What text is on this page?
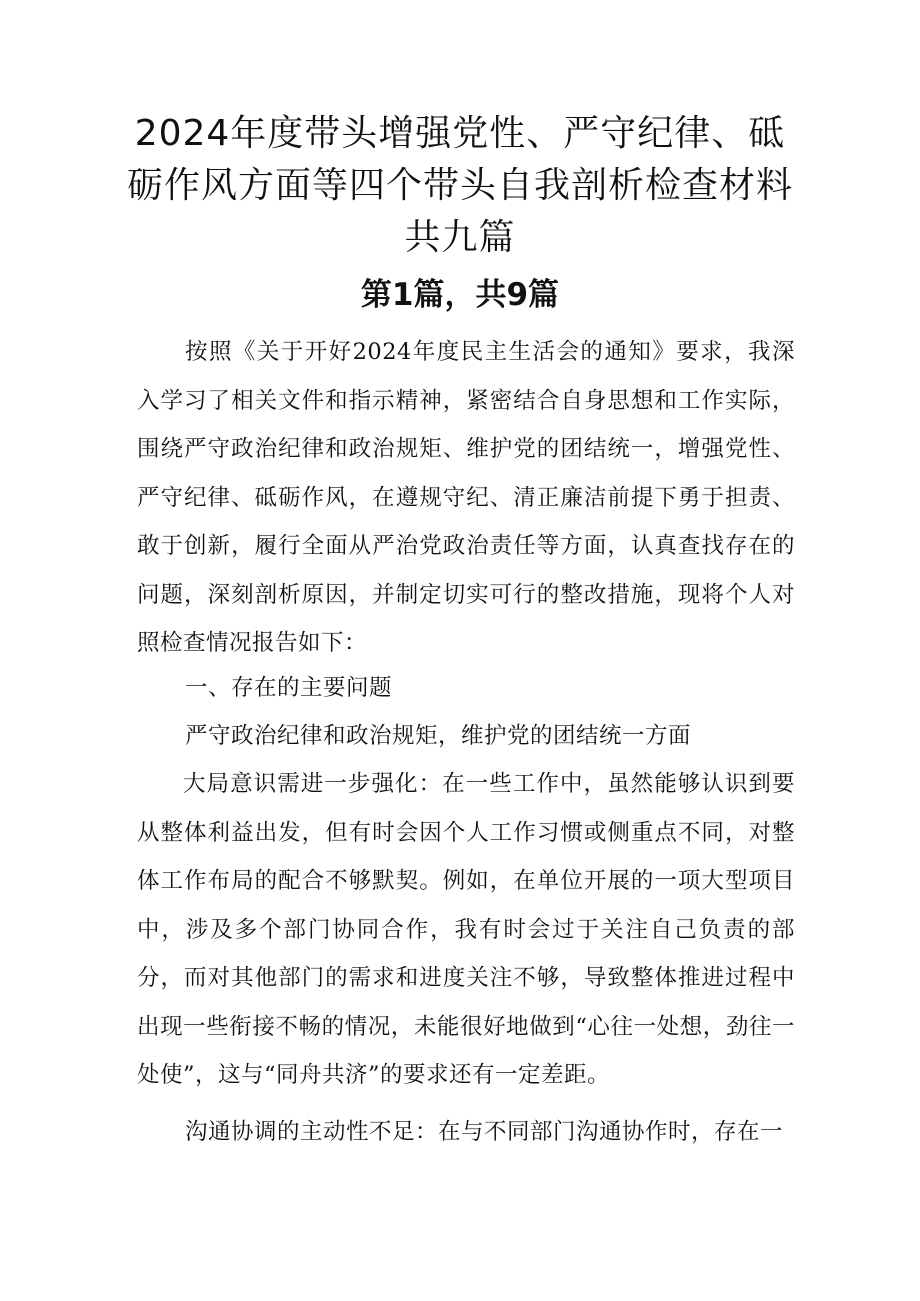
2024年度带头增强党性、严守纪律、砥砺作风方面等四个带头自我剖析检查材料共九篇
第1篇，共9篇

按照《关于开好2024年度民主生活会的通知》要求，我深入学习了相关文件和指示精神，紧密结合自身思想和工作实际，围绕严守政治纪律和政治规矩、维护党的团结统一，增强党性、严守纪律、砥砺作风，在遵规守纪、清正廉洁前提下勇于担责、敢于创新，履行全面从严治党政治责任等方面，认真查找存在的问题，深刻剖析原因，并制定切实可行的整改措施，现将个人对照检查情况报告如下：

一、存在的主要问题

严守政治纪律和政治规矩，维护党的团结统一方面

大局意识需进一步强化：在一些工作中，虽然能够认识到要从整体利益出发，但有时会因个人工作习惯或侧重点不同，对整体工作布局的配合不够默契。例如，在单位开展的一项大型项目中，涉及多个部门协同合作，我有时会过于关注自己负责的部分，而对其他部门的需求和进度关注不够，导致整体推进过程中出现一些衔接不畅的情况，未能很好地做到“心往一处想，劲往一处使”，这与“同舟共济”的要求还有一定差距。

沟通协调的主动性不足：在与不同部门沟通协作时，存在一
